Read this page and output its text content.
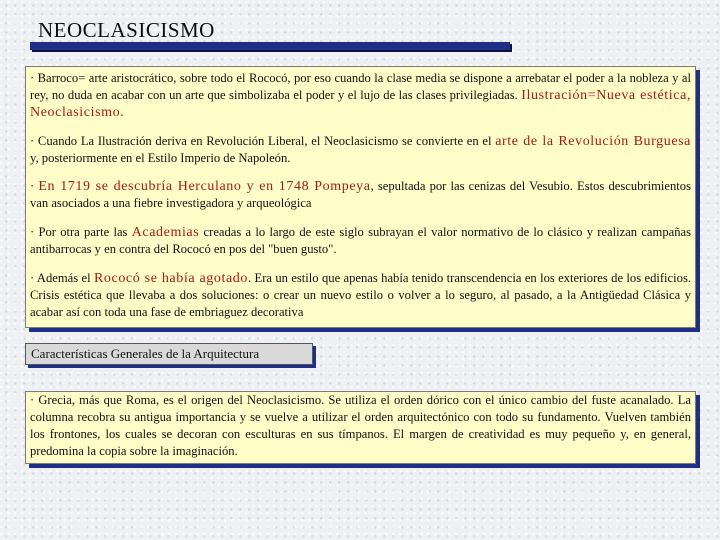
NEOCLASICISMO

· Barroco= arte aristocrático, sobre todo el Rococó, por eso cuando la clase media se dispone a arrebatar el poder a la nobleza y al rey, no duda en acabar con un arte que simbolizaba el poder y el lujo de las clases privilegiadas. Ilustración=Nueva estética, Neoclasicismo.

· Cuando La Ilustración deriva en Revolución Liberal, el Neoclasicismo se convierte en el arte de la Revolución Burguesa y, posteriormente en el Estilo Imperio de Napoleón.

· En 1719 se descubría Herculano y en 1748 Pompeya, sepultada por las cenizas del Vesubio. Estos descubrimientos van asociados a una fiebre investigadora y arqueológica

· Por otra parte las Academias creadas a lo largo de este siglo subrayan el valor normativo de lo clásico y realizan campañas antibarrocas y en contra del Rococó en pos del "buen gusto".

· Además el Rococó se había agotado. Era un estilo que apenas había tenido transcendencia en los exteriores de los edificios. Crisis estética que llevaba a dos soluciones: o crear un nuevo estilo o volver a lo seguro, al pasado, a la Antigüedad Clásica y acabar así con toda una fase de embriaguez decorativa

Características Generales de la Arquitectura

· Grecia, más que Roma, es el origen del Neoclasicismo. Se utiliza el orden dórico con el único cambio del fuste acanalado. La columna recobra su antigua importancia y se vuelve a utilizar el orden arquitectónico con todo su fundamento. Vuelven también los frontones, los cuales se decoran con esculturas en sus tímpanos. El margen de creatividad es muy pequeño y, en general, predomina la copia sobre la imaginación.
